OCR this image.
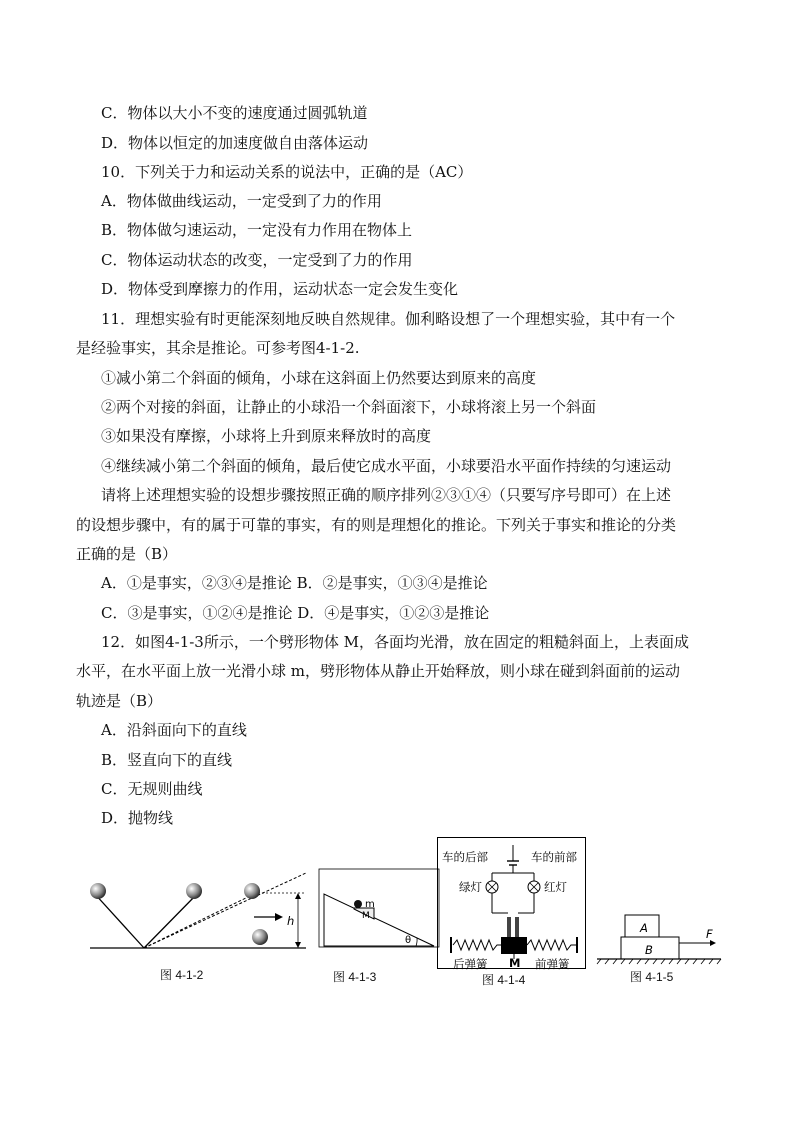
C．物体以大小不变的速度通过圆弧轨道
D．物体以恒定的加速度做自由落体运动
10．下列关于力和运动关系的说法中，正确的是（AC）
A．物体做曲线运动，一定受到了力的作用
B．物体做匀速运动，一定没有力作用在物体上
C．物体运动状态的改变，一定受到了力的作用
D．物体受到摩擦力的作用，运动状态一定会发生变化
11．理想实验有时更能深刻地反映自然规律。伽利略设想了一个理想实验，其中有一个
是经验事实，其余是推论。可参考图4-1-2.
①减小第二个斜面的倾角，小球在这斜面上仍然要达到原来的高度
②两个对接的斜面，让静止的小球沿一个斜面滚下，小球将滚上另一个斜面
③如果没有摩擦，小球将上升到原来释放时的高度
④继续减小第二个斜面的倾角，最后使它成水平面，小球要沿水平面作持续的匀速运动
请将上述理想实验的设想步骤按照正确的顺序排列②③①④（只要写序号即可）在上述
的设想步骤中，有的属于可靠的事实，有的则是理想化的推论。下列关于事实和推论的分类
正确的是（B）
A．①是事实，②③④是推论 B．②是事实，①③④是推论
C．③是事实，①②④是推论 D．④是事实，①②③是推论
12．如图4-1-3所示，一个劈形物体 M，各面均光滑，放在固定的粗糙斜面上，上表面成
水平，在水平面上放一光滑小球 m，劈形物体从静止开始释放，则小球在碰到斜面前的运动
轨迹是（B）
A．沿斜面向下的直线
B．竖直向下的直线
C．无规则曲线
D．抛物线
h
图 4-1-2
m
M
θ
图 4-1-3
车的后部	车的前部
绿灯	红灯
后弹簧 M 前弹簧
图 4-1-4
A
B
F
图 4-1-5
